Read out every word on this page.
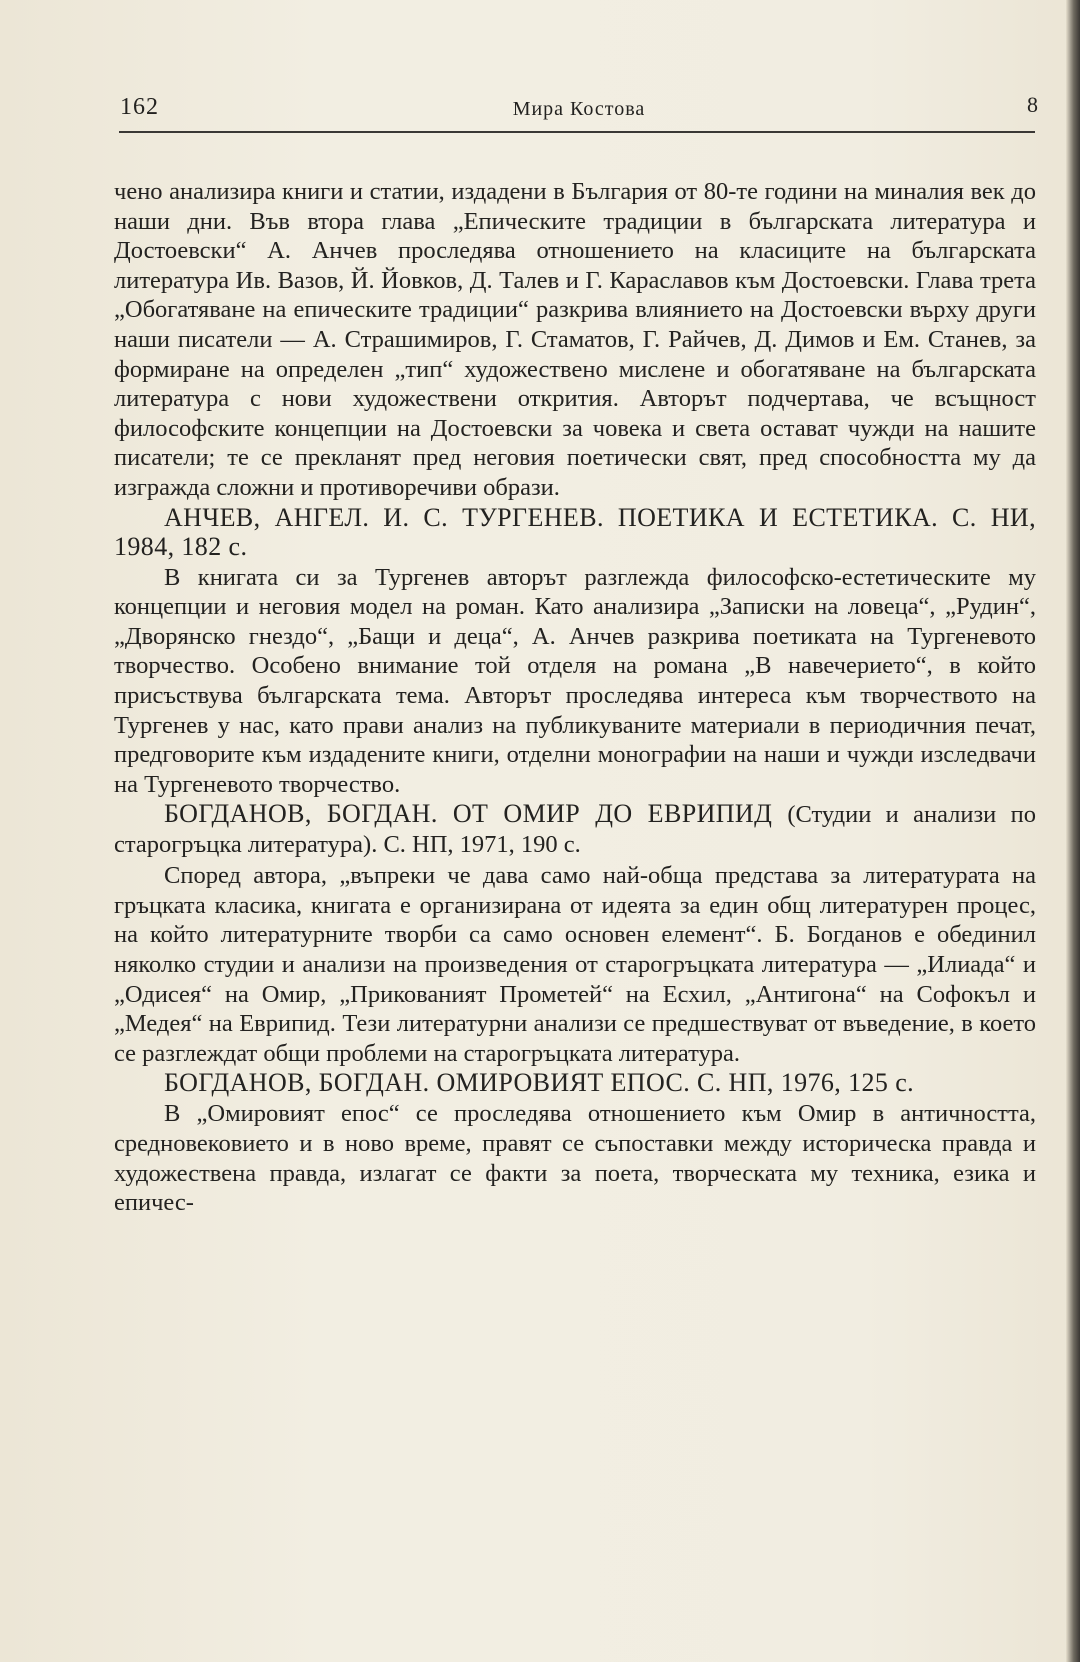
162	Мира Костова	8

чено анализира книги и статии, издадени в България от 80-те години на миналия век до наши дни. Във втора глава „Епическите традиции в българската литература и Достоевски“ А. Анчев проследява отношението на класиците на българската литература Ив. Вазов, Й. Йовков, Д. Талев и Г. Караславов към Достоевски. Глава трета „Обогатяване на епическите традиции“ разкрива влиянието на Достоевски върху други наши писатели — А. Страшимиров, Г. Стаматов, Г. Райчев, Д. Димов и Ем. Станев, за формиране на определен „тип“ художествено мислене и обогатяване на българската литература с нови художествени открития. Авторът подчертава, че всъщност философските концепции на Достоевски за човека и света остават чужди на нашите писатели; те се прекланят пред неговия поетически свят, пред способността му да изгражда сложни и противоречиви образи.

АНЧЕВ, АНГЕЛ. И. С. ТУРГЕНЕВ. ПОЕТИКА И ЕСТЕТИКА. С. НИ, 1984, 182 с.

В книгата си за Тургенев авторът разглежда философско-естетическите му концепции и неговия модел на роман. Като анализира „Записки на ловеца“, „Рудин“, „Дворянско гнездо“, „Бащи и деца“, А. Анчев разкрива поетиката на Тургеневото творчество. Особено внимание той отделя на романа „В навечерието“, в който присъствува българската тема. Авторът проследява интереса към творчеството на Тургенев у нас, като прави анализ на публикуваните материали в периодичния печат, предговорите към издадените книги, отделни монографии на наши и чужди изследвачи на Тургеневото творчество.

БОГДАНОВ, БОГДАН. ОТ ОМИР ДО ЕВРИПИД (Студии и анализи по старогръцка литература). С. НП, 1971, 190 с.

Според автора, „въпреки че дава само най-обща представа за литературата на гръцката класика, книгата е организирана от идеята за един общ литературен процес, на който литературните творби са само основен елемент“. Б. Богданов е обединил няколко студии и анализи на произведения от старогръцката литература — „Илиада“ и „Одисея“ на Омир, „Прикованият Прометей“ на Есхил, „Антигона“ на Софокъл и „Медея“ на Еврипид. Тези литературни анализи се предшествуват от въведение, в което се разглеждат общи проблеми на старогръцката литература.

БОГДАНОВ, БОГДАН. ОМИРОВИЯТ ЕПОС. С. НП, 1976, 125 с.

В „Омировият епос“ се проследява отношението към Омир в античността, средновековието и в ново време, правят се съпоставки между историческа правда и художествена правда, излагат се факти за поета, творческата му техника, езика и епичес-
